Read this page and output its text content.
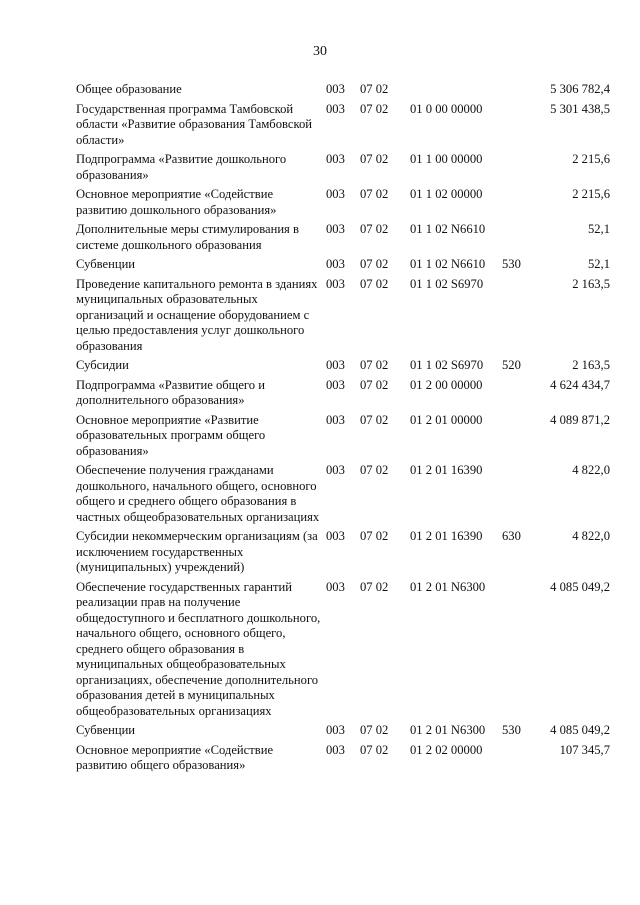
30
Общее образование	003	07 02			5 306 782,4
Государственная программа Тамбовской области «Развитие образования Тамбовской области»	003	07 02	01 0 00 00000		5 301 438,5
Подпрограмма «Развитие дошкольного образования»	003	07 02	01 1 00 00000		2 215,6
Основное мероприятие «Содействие развитию дошкольного образования»	003	07 02	01 1 02 00000		2 215,6
Дополнительные меры стимулирования в системе дошкольного образования	003	07 02	01 1 02 N6610		52,1
Субвенции	003	07 02	01 1 02 N6610	530	52,1
Проведение капитального ремонта в зданиях муниципальных образовательных организаций и оснащение оборудованием с целью предоставления услуг дошкольного образования	003	07 02	01 1 02 S6970		2 163,5
Субсидии	003	07 02	01 1 02 S6970	520	2 163,5
Подпрограмма «Развитие общего и дополнительного образования»	003	07 02	01 2 00 00000		4 624 434,7
Основное мероприятие «Развитие образовательных программ общего образования»	003	07 02	01 2 01 00000		4 089 871,2
Обеспечение получения гражданами дошкольного, начального общего, основного общего и среднего общего образования в частных общеобразовательных организациях	003	07 02	01 2 01 16390		4 822,0
Субсидии некоммерческим организациям (за исключением государственных (муниципальных) учреждений)	003	07 02	01 2 01 16390	630	4 822,0
Обеспечение государственных гарантий реализации прав на получение общедоступного и бесплатного дошкольного, начального общего, основного общего, среднего общего образования в муниципальных общеобразовательных организациях, обеспечение дополнительного образования детей в муниципальных общеобразовательных организациях	003	07 02	01 2 01 N6300		4 085 049,2
Субвенции	003	07 02	01 2 01 N6300	530	4 085 049,2
Основное мероприятие «Содействие развитию общего образования»	003	07 02	01 2 02 00000		107 345,7
